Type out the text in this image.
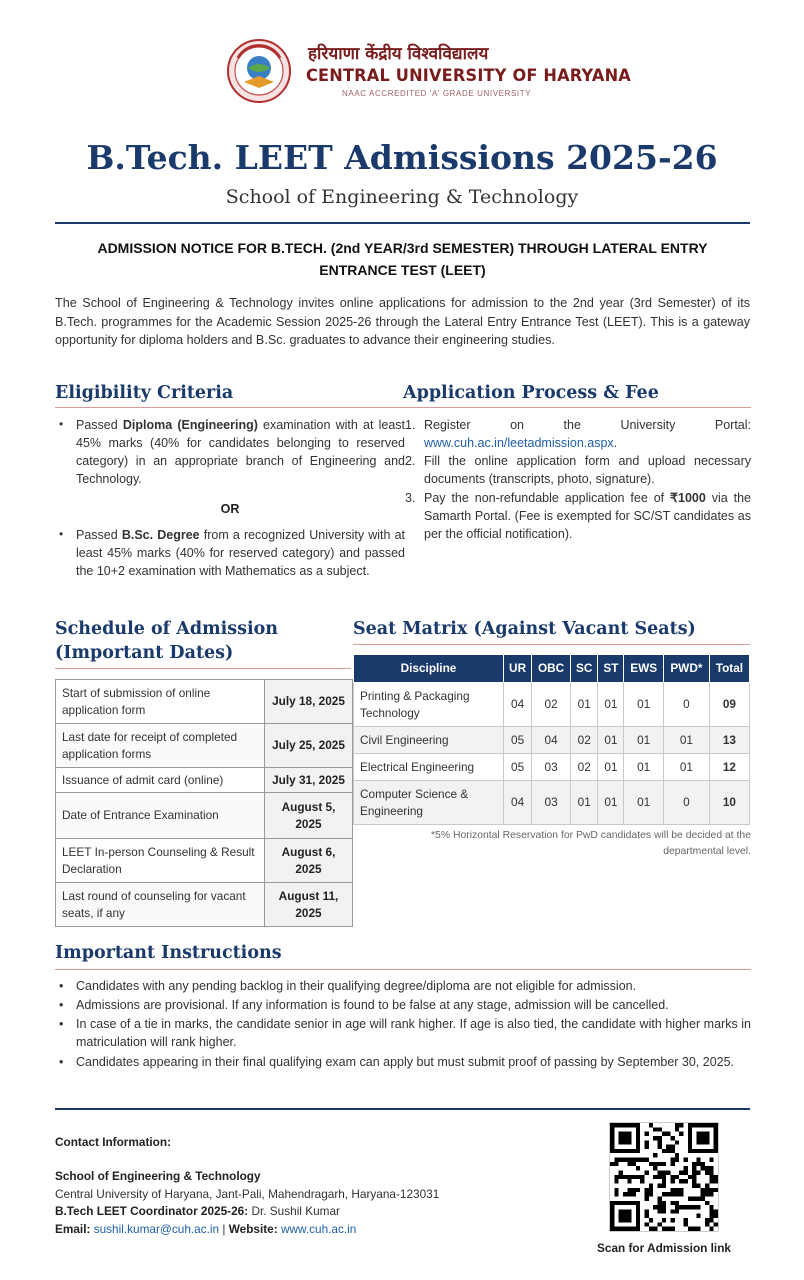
हरियाणा केंद्रीय विश्वविद्यालय
CENTRAL UNIVERSITY OF HARYANA
NAAC ACCREDITED 'A' GRADE UNIVERSITY
B.Tech. LEET Admissions 2025-26
School of Engineering & Technology
ADMISSION NOTICE FOR B.TECH. (2nd YEAR/3rd SEMESTER) THROUGH LATERAL ENTRY ENTRANCE TEST (LEET)
The School of Engineering & Technology invites online applications for admission to the 2nd year (3rd Semester) of its B.Tech. programmes for the Academic Session 2025-26 through the Lateral Entry Entrance Test (LEET). This is a gateway opportunity for diploma holders and B.Sc. graduates to advance their engineering studies.
Eligibility Criteria
• Passed Diploma (Engineering) examination with at least 45% marks (40% for candidates belonging to reserved category) in an appropriate branch of Engineering and Technology.
OR
• Passed B.Sc. Degree from a recognized University with at least 45% marks (40% for reserved category) and passed the 10+2 examination with Mathematics as a subject.
Application Process & Fee
1. Register on the University Portal: www.cuh.ac.in/leetadmission.aspx.
2. Fill the online application form and upload necessary documents (transcripts, photo, signature).
3. Pay the non-refundable application fee of ₹1000 via the Samarth Portal. (Fee is exempted for SC/ST candidates as per the official notification).
Schedule of Admission
(Important Dates)
Start of submission of online application form	July 18, 2025
Last date for receipt of completed application forms	July 25, 2025
Issuance of admit card (online)	July 31, 2025
Date of Entrance Examination	August 5, 2025
LEET In-person Counseling & Result Declaration	August 6, 2025
Last round of counseling for vacant seats, if any	August 11, 2025
Seat Matrix (Against Vacant Seats)
Discipline	UR	OBC	SC	ST	EWS	PWD*	Total
Printing & Packaging Technology	04	02	01	01	01	0	09
Civil Engineering	05	04	02	01	01	01	13
Electrical Engineering	05	03	02	01	01	01	12
Computer Science & Engineering	04	03	01	01	01	0	10
*5% Horizontal Reservation for PwD candidates will be decided at the departmental level.
Important Instructions
• Candidates with any pending backlog in their qualifying degree/diploma are not eligible for admission.
• Admissions are provisional. If any information is found to be false at any stage, admission will be cancelled.
• In case of a tie in marks, the candidate senior in age will rank higher. If age is also tied, the candidate with higher marks in matriculation will rank higher.
• Candidates appearing in their final qualifying exam can apply but must submit proof of passing by September 30, 2025.
Contact Information:
School of Engineering & Technology
Central University of Haryana, Jant-Pali, Mahendragarh, Haryana-123031
B.Tech LEET Coordinator 2025-26: Dr. Sushil Kumar
Email: sushil.kumar@cuh.ac.in | Website: www.cuh.ac.in
Scan for Admission link
